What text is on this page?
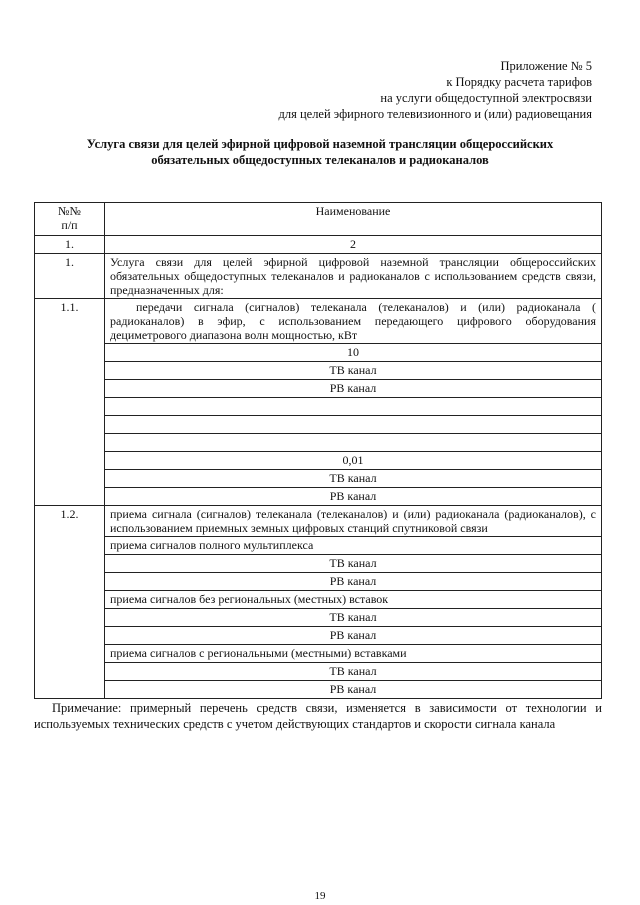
Приложение № 5
к Порядку расчета тарифов
на услуги общедоступной электросвязи
для целей эфирного телевизионного и (или) радиовещания
Услуга связи для целей эфирной цифровой наземной трансляции общероссийских
обязательных общедоступных телеканалов и радиоканалов
№№
п/п	Наименование
1.	2
1.	Услуга связи для целей эфирной цифровой наземной трансляции общероссийских обязательных общедоступных телеканалов и радиоканалов с использованием средств связи, предназначенных для:
1.1.	передачи сигнала (сигналов) телеканала (телеканалов) и (или) радиоканала ( радиоканалов) в эфир, с использованием передающего цифрового оборудования дециметрового диапазона волн мощностью, кВт
	10
	ТВ канал
	РВ канал

	0,01
	ТВ канал
	РВ канал
1.2.	приема сигнала (сигналов) телеканала (телеканалов) и (или) радиоканала (радиоканалов), с использованием приемных земных цифровых станций спутниковой связи
	приема сигналов полного мультиплекса
	ТВ канал
	РВ канал
	приема сигналов без региональных (местных) вставок
	ТВ канал
	РВ канал
	приема сигналов с региональными (местными) вставками
	ТВ канал
	РВ канал
Примечание: примерный перечень средств связи, изменяется в зависимости от технологии и используемых технических средств с учетом действующих стандартов и скорости сигнала канала
19
